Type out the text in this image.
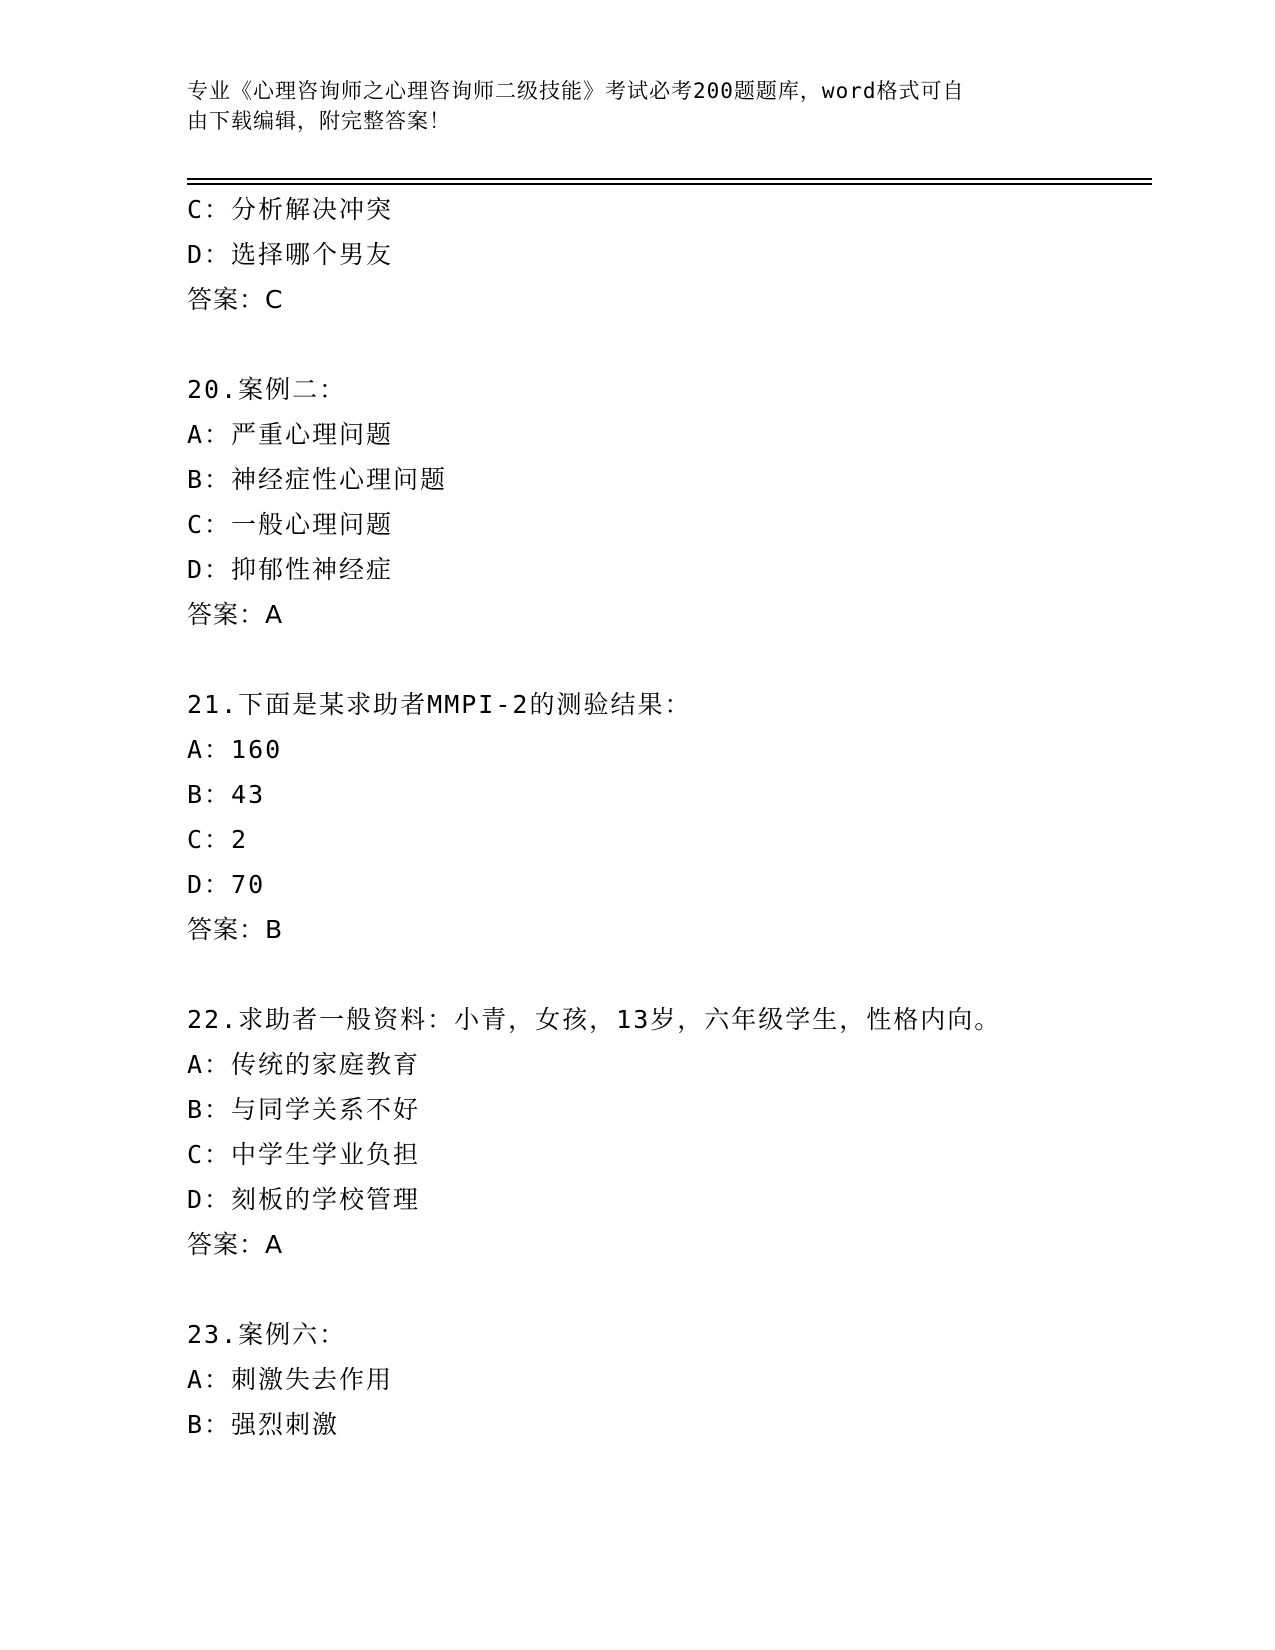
专业《心理咨询师之心理咨询师二级技能》考试必考200题题库，word格式可自
由下载编辑，附完整答案！
C：分析解决冲突
D：选择哪个男友
答案：C
20.案例二：
A：严重心理问题
B：神经症性心理问题
C：一般心理问题
D：抑郁性神经症
答案：A
21.下面是某求助者MMPI-2的测验结果：
A：160
B：43
C：2
D：70
答案：B
22.求助者一般资料：小青，女孩，13岁，六年级学生，性格内向。
A：传统的家庭教育
B：与同学关系不好
C：中学生学业负担
D：刻板的学校管理
答案：A
23.案例六：
A：刺激失去作用
B：强烈刺激
